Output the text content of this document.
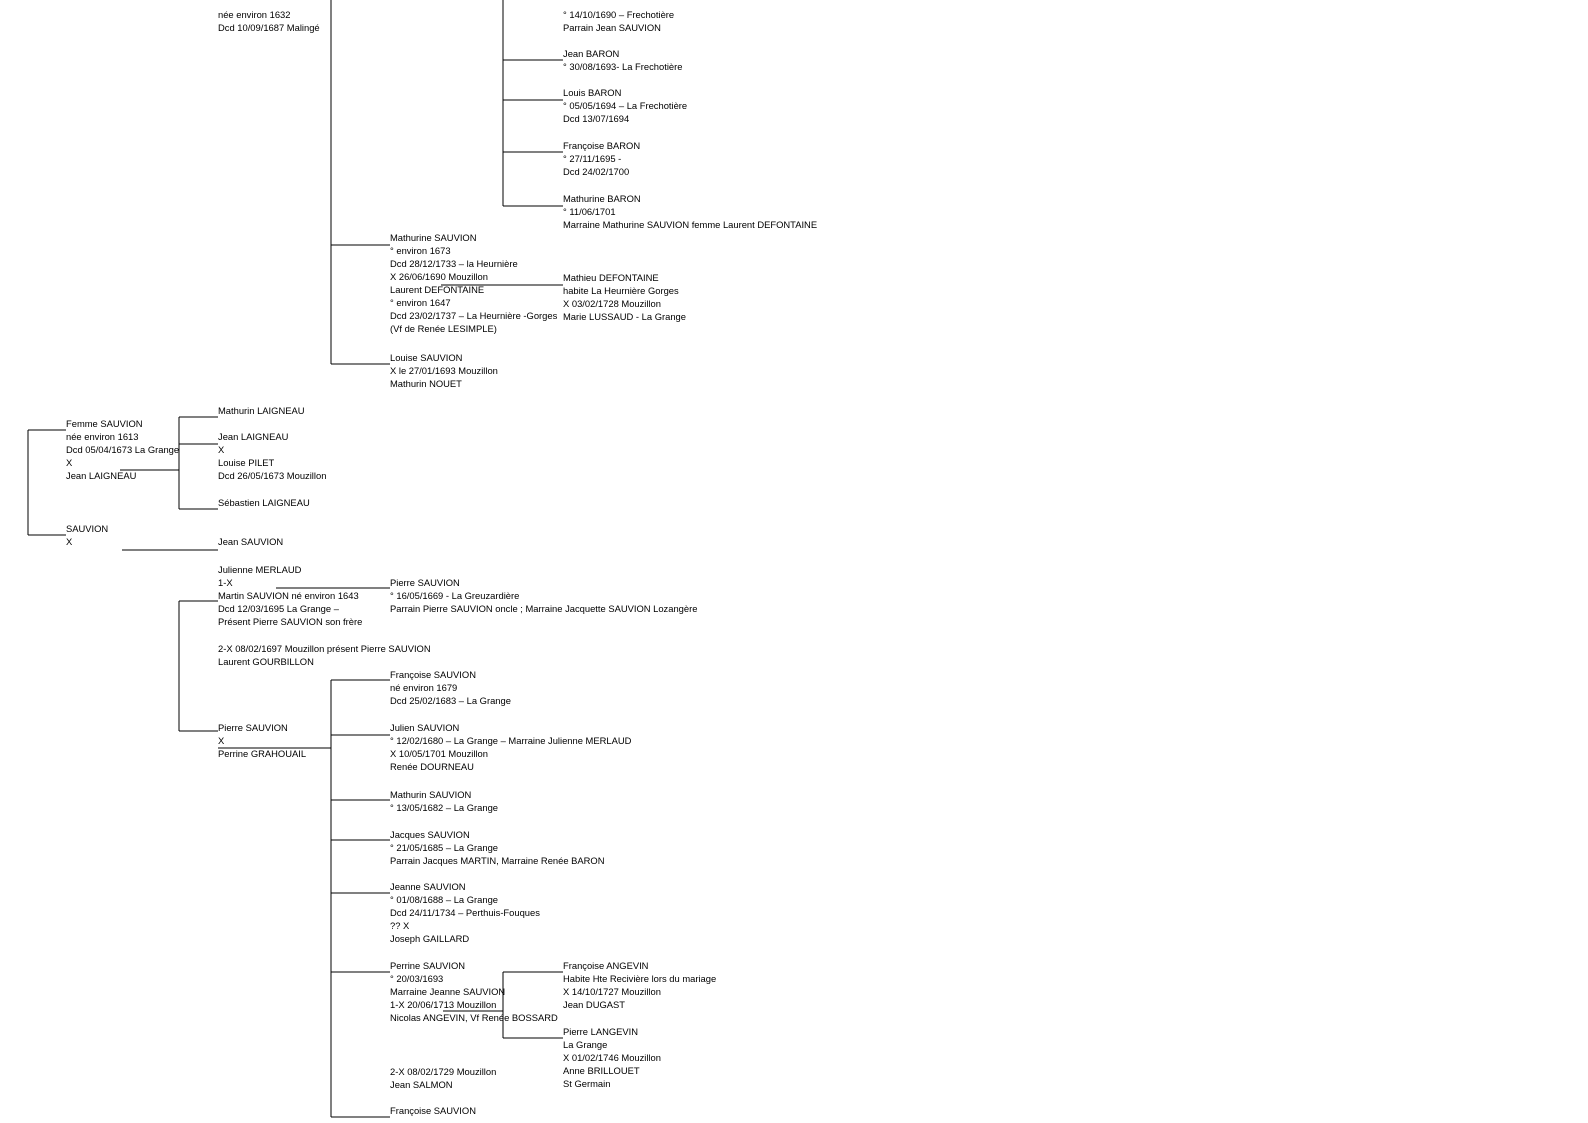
née environ 1632
Dcd 10/09/1687 Malingé
° 14/10/1690 – Frechotière
Parrain Jean SAUVION
Jean BARON
° 30/08/1693- La Frechotière
Louis BARON
° 05/05/1694 – La Frechotière
Dcd 13/07/1694
Françoise BARON
° 27/11/1695 -
Dcd 24/02/1700
Mathurine BARON
° 11/06/1701
Marraine Mathurine SAUVION femme Laurent DEFONTAINE
Mathurine SAUVION
° environ 1673
Dcd 28/12/1733 – la Heurnière
X 26/06/1690 Mouzillon
Laurent DEFONTAINE
° environ 1647
Dcd 23/02/1737 – La Heurnière -Gorges
(Vf de Renée LESIMPLE)
Mathieu DEFONTAINE
habite La Heurnière Gorges
X 03/02/1728 Mouzillon
Marie LUSSAUD - La Grange
Louise SAUVION
X le 27/01/1693 Mouzillon
Mathurin NOUET
Mathurin LAIGNEAU
Femme SAUVION
née environ 1613
Dcd 05/04/1673 La Grange
X
Jean LAIGNEAU
Jean LAIGNEAU
X
Louise PILET
Dcd 26/05/1673 Mouzillon
Sébastien LAIGNEAU
SAUVION
X	Jean SAUVION
Julienne MERLAUD
1-X
Martin SAUVION né environ 1643
Dcd 12/03/1695 La Grange –
Présent Pierre SAUVION son frère
Pierre SAUVION
° 16/05/1669 - La Greuzardière
Parrain Pierre SAUVION oncle ; Marraine Jacquette SAUVION Lozangère
2-X 08/02/1697 Mouzillon présent Pierre SAUVION
Laurent GOURBILLON
Françoise SAUVION
né environ 1679
Dcd 25/02/1683 – La Grange
Pierre SAUVION
X
Perrine GRAHOUAIL
Julien SAUVION
° 12/02/1680 – La Grange – Marraine Julienne MERLAUD
X 10/05/1701 Mouzillon
Renée DOURNEAU
Mathurin SAUVION
° 13/05/1682 – La Grange
Jacques SAUVION
° 21/05/1685 – La Grange
Parrain Jacques MARTIN, Marraine Renée BARON
Jeanne SAUVION
° 01/08/1688 – La Grange
Dcd 24/11/1734 – Perthuis-Fouques
?? X
Joseph GAILLARD
Perrine SAUVION
° 20/03/1693
Marraine Jeanne SAUVION
1-X 20/06/1713 Mouzillon
Nicolas ANGEVIN, Vf Renée BOSSARD
Françoise ANGEVIN
Habite Hte Recivière lors du mariage
X 14/10/1727 Mouzillon
Jean DUGAST
Pierre LANGEVIN
La Grange
X 01/02/1746 Mouzillon
Anne BRILLOUET
St Germain
2-X 08/02/1729 Mouzillon
Jean SALMON
Françoise SAUVION
